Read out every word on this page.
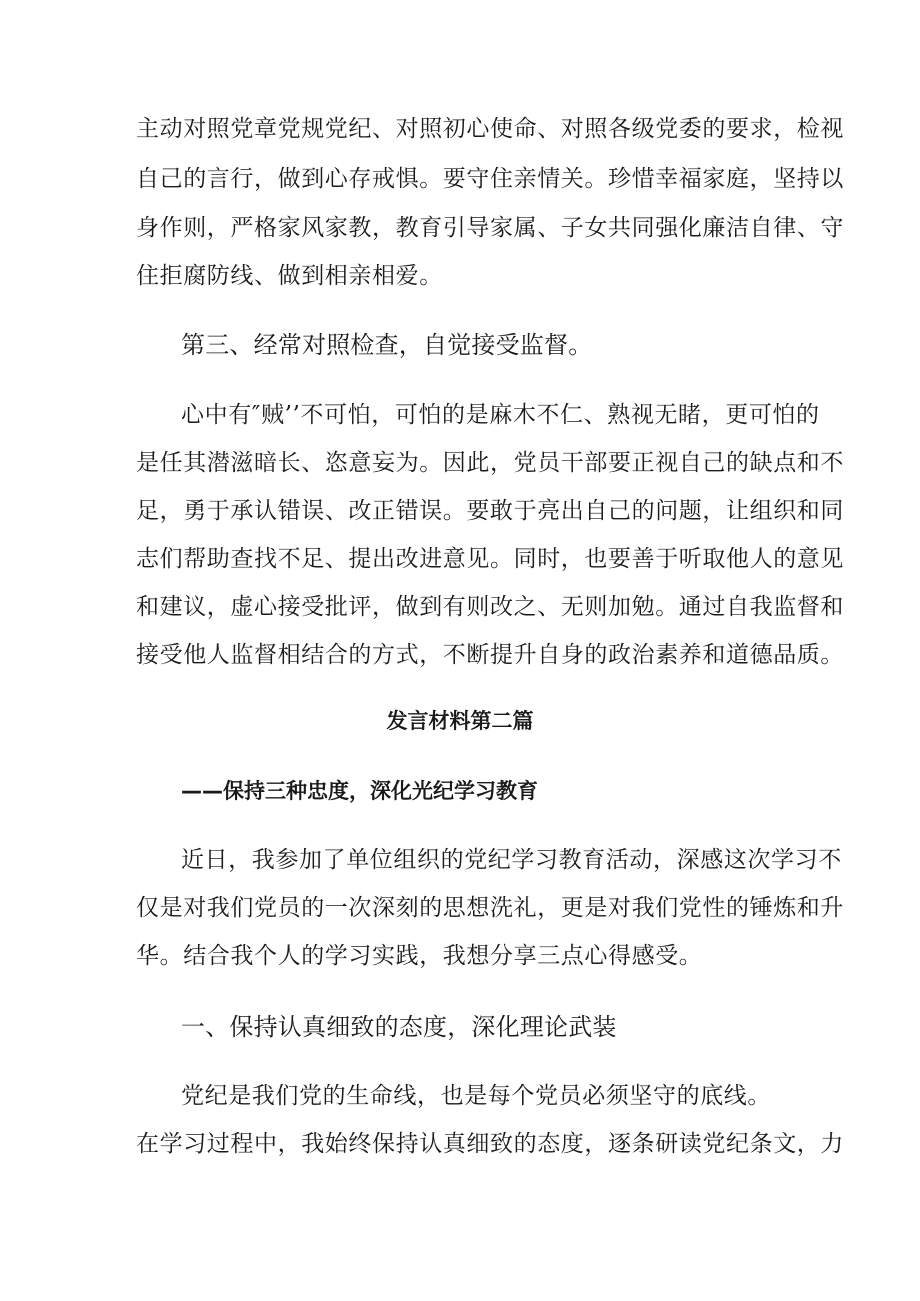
主动对照党章党规党纪、对照初心使命、对照各级党委的要求，检视
自己的言行，做到心存戒惧。要守住亲情关。珍惜幸福家庭，坚持以
身作则，严格家风家教，教育引导家属、子女共同强化廉洁自律、守
住拒腐防线、做到相亲相爱。
第三、经常对照检查，自觉接受监督。
心中有″贼’’不可怕，可怕的是麻木不仁、熟视无睹，更可怕的
是任其潜滋暗长、恣意妄为。因此，党员干部要正视自己的缺点和不
足，勇于承认错误、改正错误。要敢于亮出自己的问题，让组织和同
志们帮助查找不足、提出改进意见。同时，也要善于听取他人的意见
和建议，虚心接受批评，做到有则改之、无则加勉。通过自我监督和
接受他人监督相结合的方式，不断提升自身的政治素养和道德品质。
发言材料第二篇
——保持三种忠度，深化光纪学习教育
近日，我参加了单位组织的党纪学习教育活动，深感这次学习不
仅是对我们党员的一次深刻的思想洗礼，更是对我们党性的锤炼和升
华。结合我个人的学习实践，我想分享三点心得感受。
一、保持认真细致的态度，深化理论武装
党纪是我们党的生命线，也是每个党员必须坚守的底线。
在学习过程中，我始终保持认真细致的态度，逐条研读党纪条文，力
